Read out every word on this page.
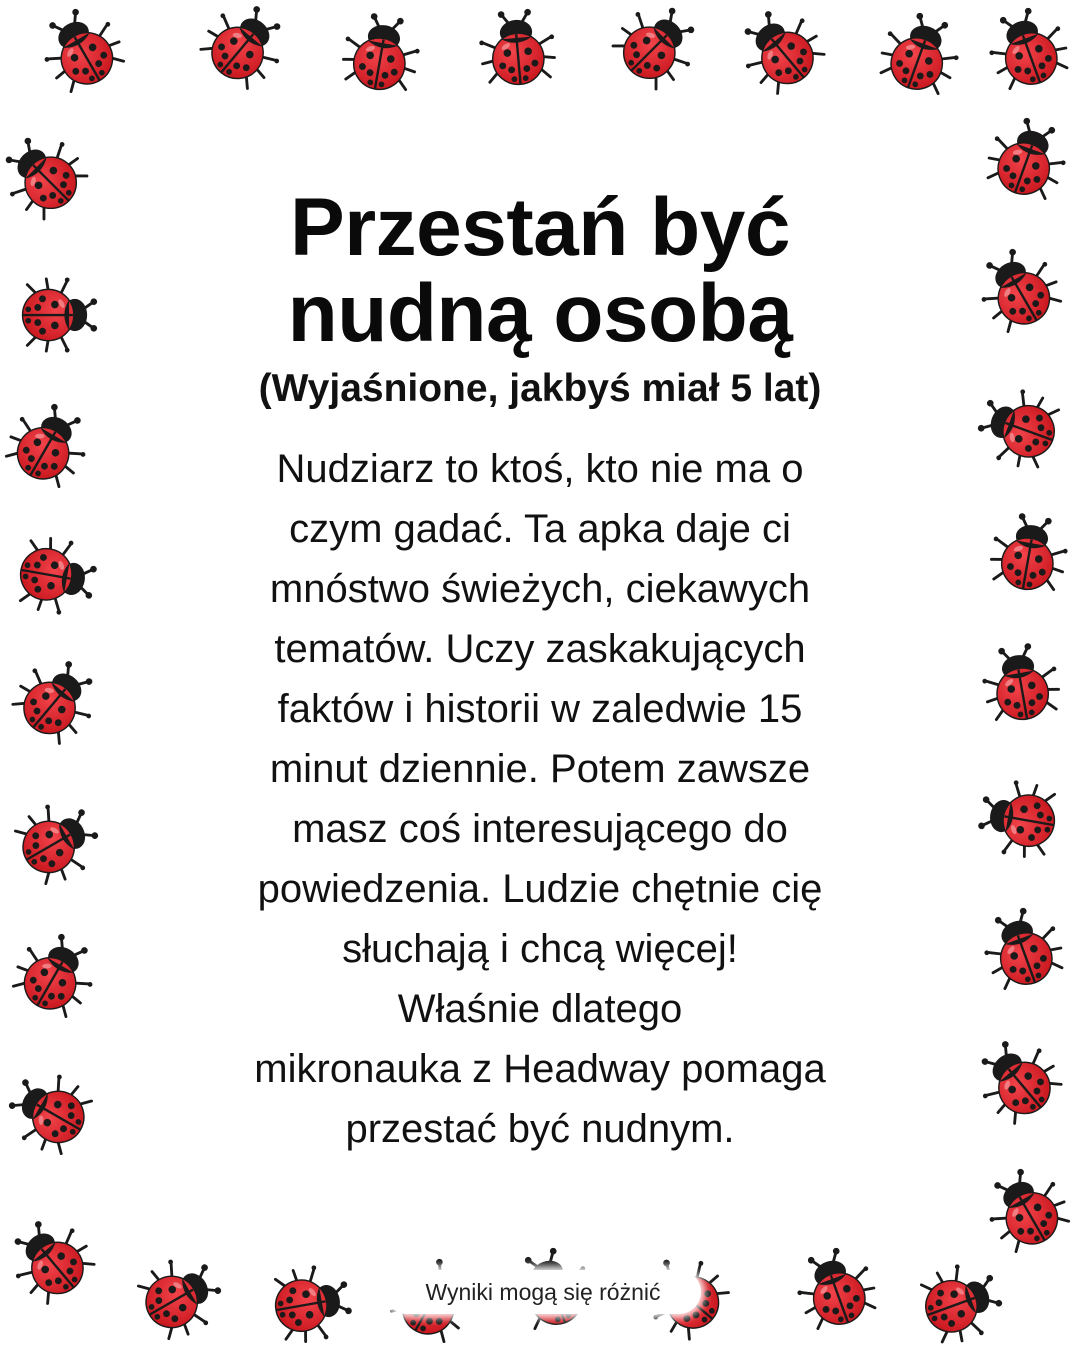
Przestań być
nudną osobą
(Wyjaśnione, jakbyś miał 5 lat)
Nudziarz to ktoś, kto nie ma o
czym gadać. Ta apka daje ci
mnóstwo świeżych, ciekawych
tematów. Uczy zaskakujących
faktów i historii w zaledwie 15
minut dziennie. Potem zawsze
masz coś interesującego do
powiedzenia. Ludzie chętnie cię
słuchają i chcą więcej!
Właśnie dlatego
mikronauka z Headway pomaga
przestać być nudnym.
Wyniki mogą się różnić
